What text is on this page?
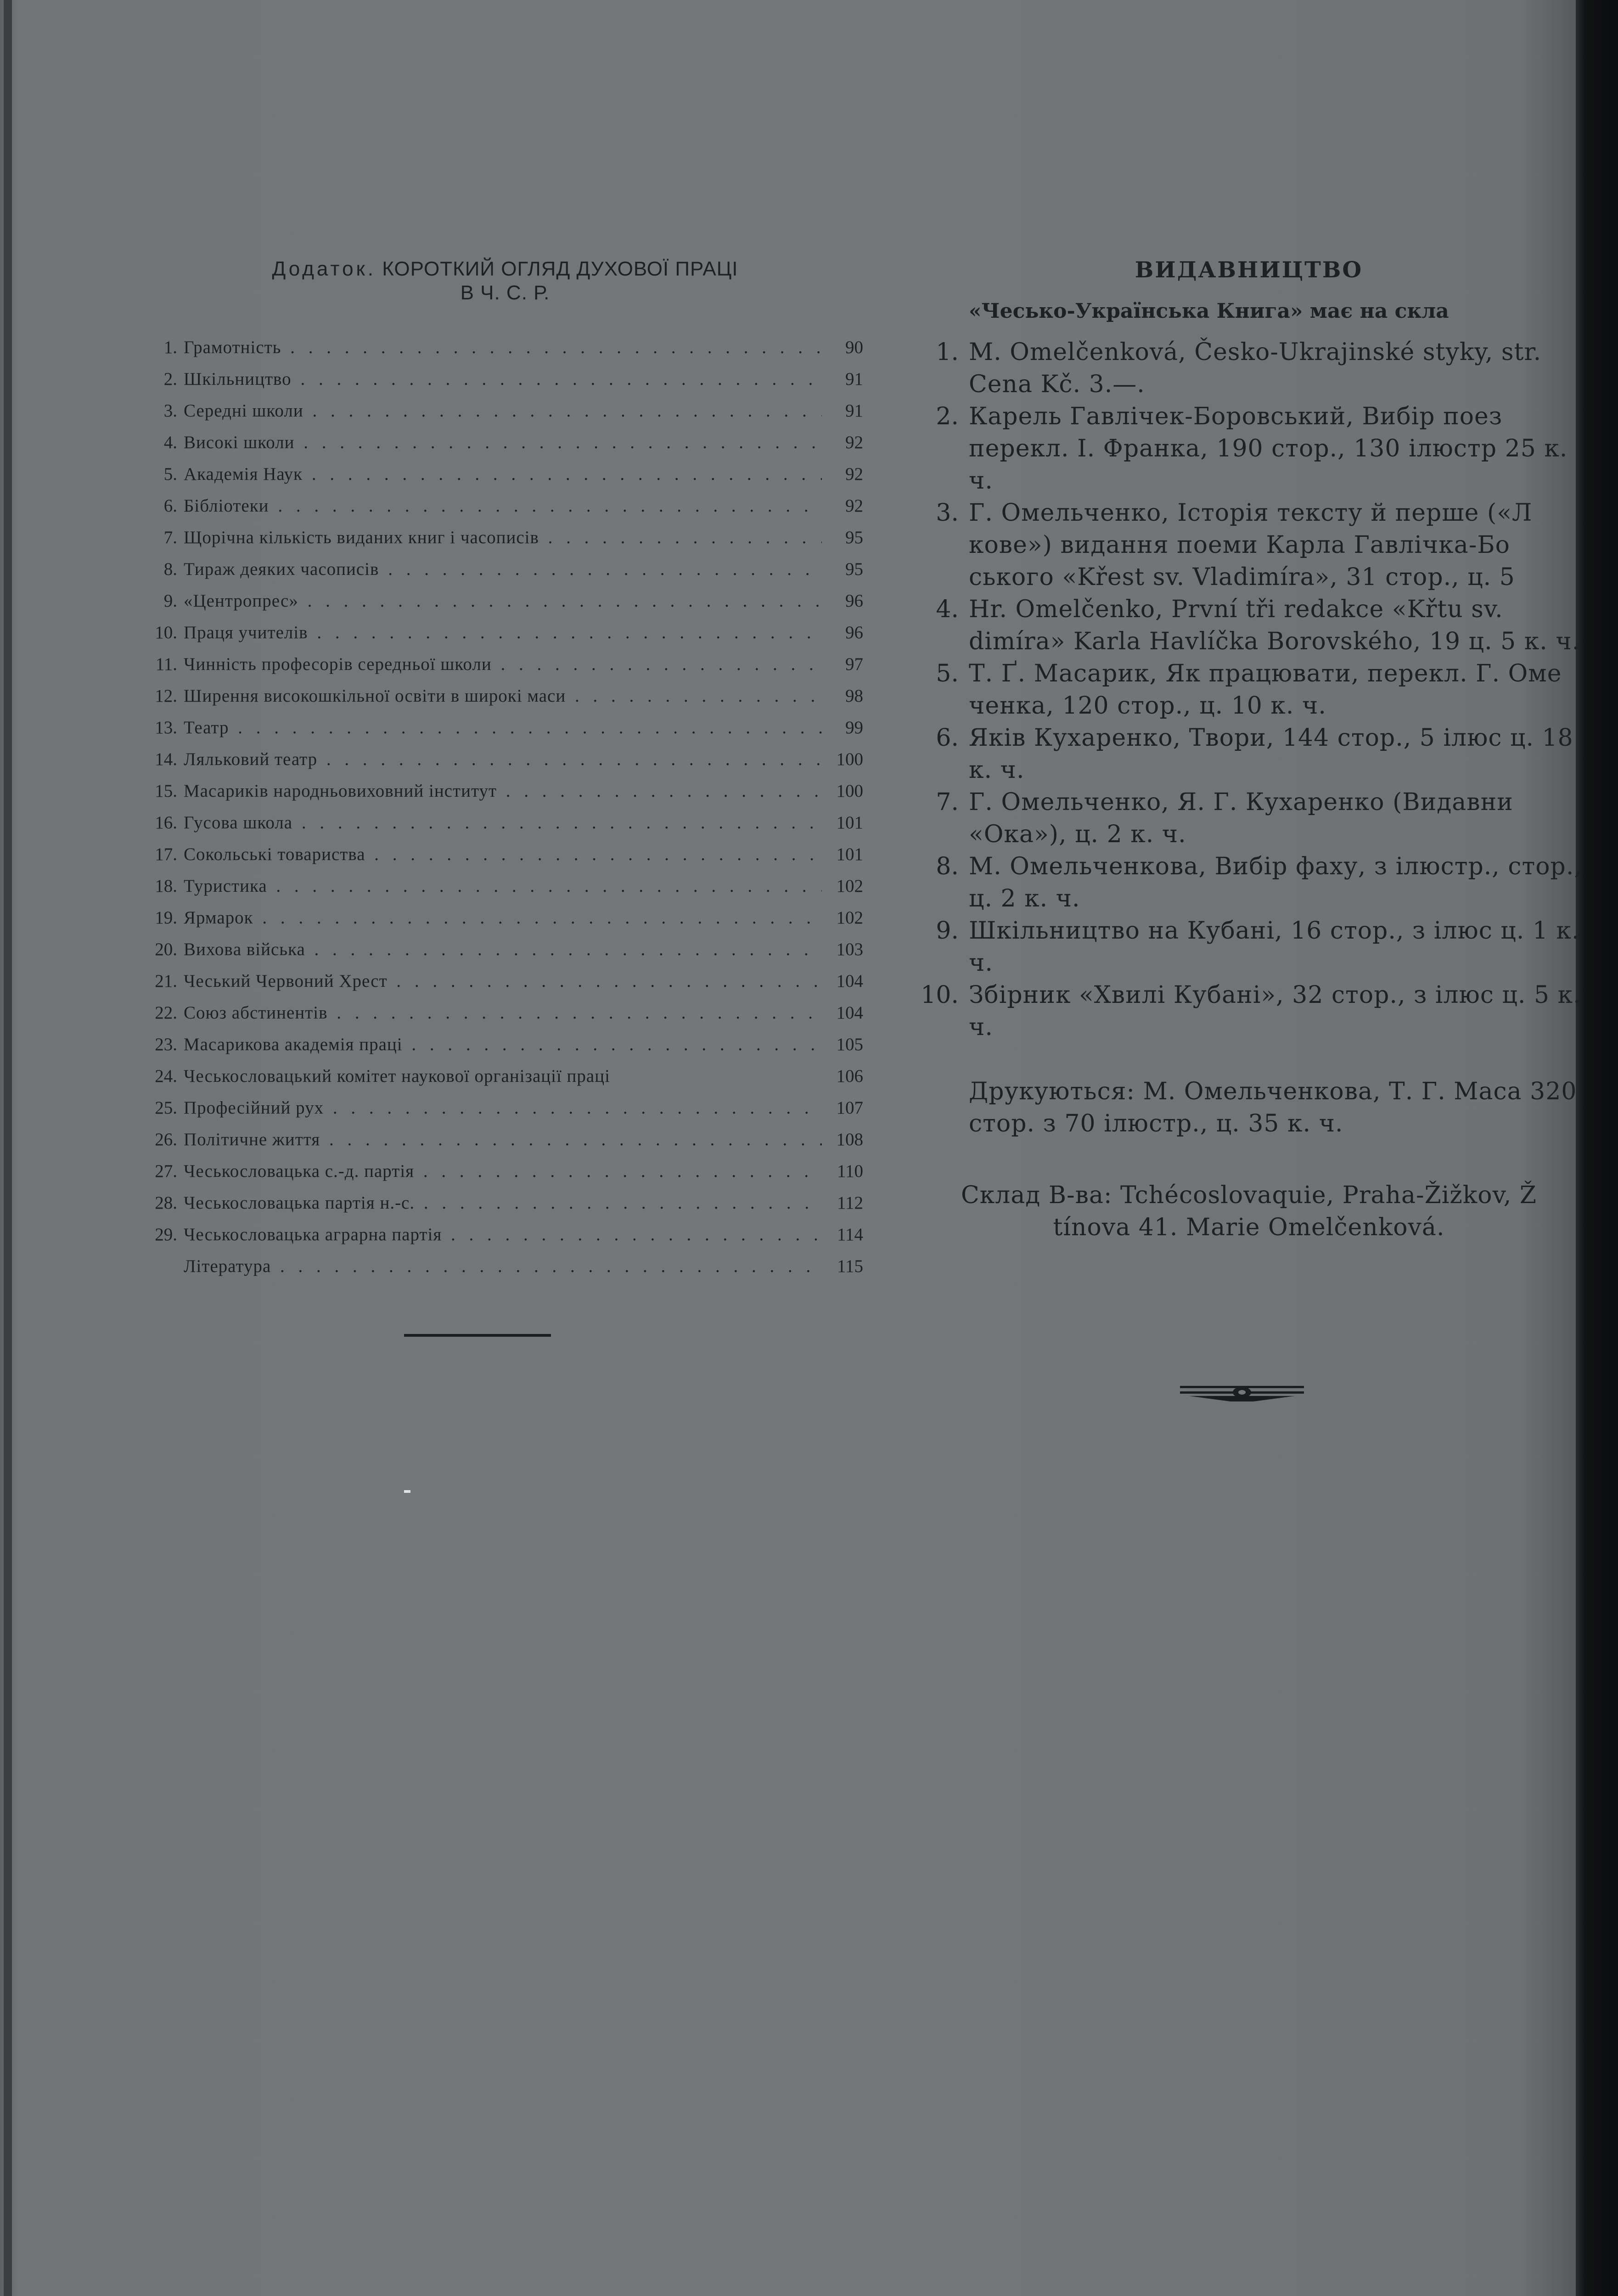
Додаток. КОРОТКИЙ ОГЛЯД ДУХОВОЇ ПРАЦІ
В Ч. С. Р.
1. Грамотність . . .	90
2. Шкільництво . . .	91
3. Середні школи . . .	91
4. Високі школи . . .	92
5. Академія Наук . . .	92
6. Бібліотеки . . .	92
7. Щорічна кількість виданих книг і часописів . . .	95
8. Тираж деяких часописів . . .	95
9. «Центропрес» . . .	96
10. Праця учителів . . .	96
11. Чинність професорів середньої школи . . .	97
12. Ширення високошкільної освіти в широкі маси . . .	98
13. Театр . . .	99
14. Ляльковий театр . . .	100
15. Масариків народньовиховний інститут . . .	100
16. Гусова школа . . .	101
17. Сокольські товариства . . .	101
18. Туристика . . .	102
19. Ярмарок . . .	102
20. Виховa війська . . .	103
21. Чеський Червоний Хрест . . .	104
22. Союз абстинентів . . .	104
23. Масарикова академія праці . . .	105
24. Чеськословацький комітет наукової організації праці	106
25. Професійний рух . . .	107
26. Політичне життя . . .	108
27. Чеськословацька с.-д. партія . . .	110
28. Чеськословацька партія н.-с. . . .	112
29. Чеськословацька аграрна партія . . .	114
Література . . .	115
ВИДАВНИЦТВО
«Чесько-Українська Книга» має на скла
1. M. Omelčenková, Česko-Ukrajinské styky, str. Cena Kč. 3.—.
2. Карель Гавлічек-Боровський, Вибір поез перекл. І. Франка, 190 стор., 130 ілюстр 25 к. ч.
3. Г. Омельченко, Історія тексту й перше («Л кове») видання поеми Карла Гавлічка-Бо ського «Křest sv. Vladimíra», 31 стор., ц. 5
4. Hr. Omelčenko, První tři redakce «Křtu sv. dimíra» Karla Havlíčka Borovského, 19 ц. 5 к. ч.
5. Т. Ґ. Масарик, Як працювати, перекл. Г. Оме ченка, 120 стор., ц. 10 к. ч.
6. Яків Кухаренко, Твори, 144 стор., 5 ілюс ц. 18 к. ч.
7. Г. Омельченко, Я. Г. Кухаренко (Видавни «Ока»), ц. 2 к. ч.
8. М. Омельченкова, Вибір фаху, з ілюстр., стор., ц. 2 к. ч.
9. Шкільництво на Кубані, 16 стор., з ілюс ц. 1 к. ч.
10. Збірник «Хвилі Кубані», 32 стор., з ілюс ц. 5 к. ч.
Друкуються: М. Омельченкова, Т. Г. Маса 320 стор. з 70 ілюстр., ц. 35 к. ч.
Склад В-ва: Tchécoslovaquie, Praha-Žižkov, Ž
tínova 41. Marie Omelčenková.
